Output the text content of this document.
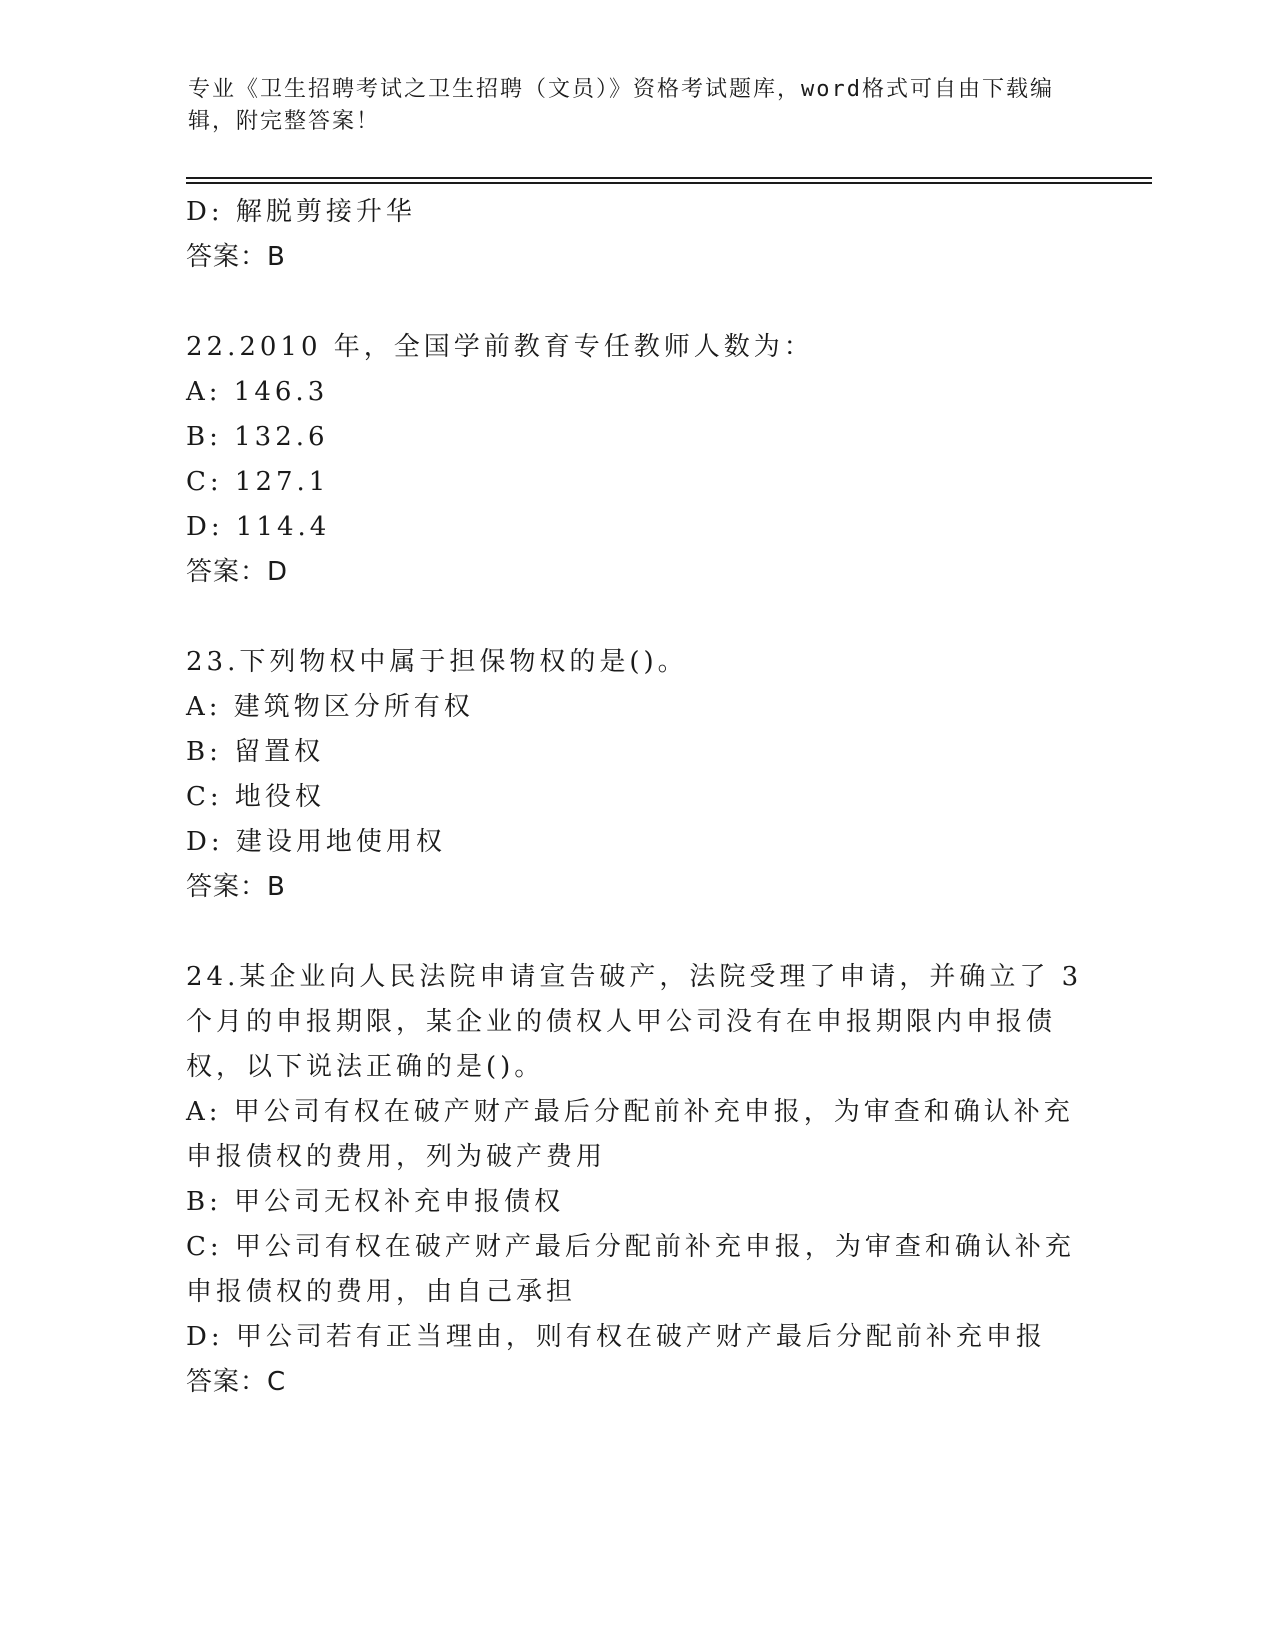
专业《卫生招聘考试之卫生招聘（文员）》资格考试题库，word格式可自由下载编辑，附完整答案！
D: 解脱剪接升华
答案：B
22.2010 年，全国学前教育专任教师人数为：
A: 146.3
B: 132.6
C: 127.1
D: 114.4
答案：D
23.下列物权中属于担保物权的是()。
A: 建筑物区分所有权
B: 留置权
C: 地役权
D: 建设用地使用权
答案：B
24.某企业向人民法院申请宣告破产，法院受理了申请，并确立了 3 个月的申报期限，某企业的债权人甲公司没有在申报期限内申报债权，以下说法正确的是()。
A: 甲公司有权在破产财产最后分配前补充申报，为审查和确认补充申报债权的费用，列为破产费用
B: 甲公司无权补充申报债权
C: 甲公司有权在破产财产最后分配前补充申报，为审查和确认补充申报债权的费用，由自己承担
D: 甲公司若有正当理由，则有权在破产财产最后分配前补充申报
答案：C
